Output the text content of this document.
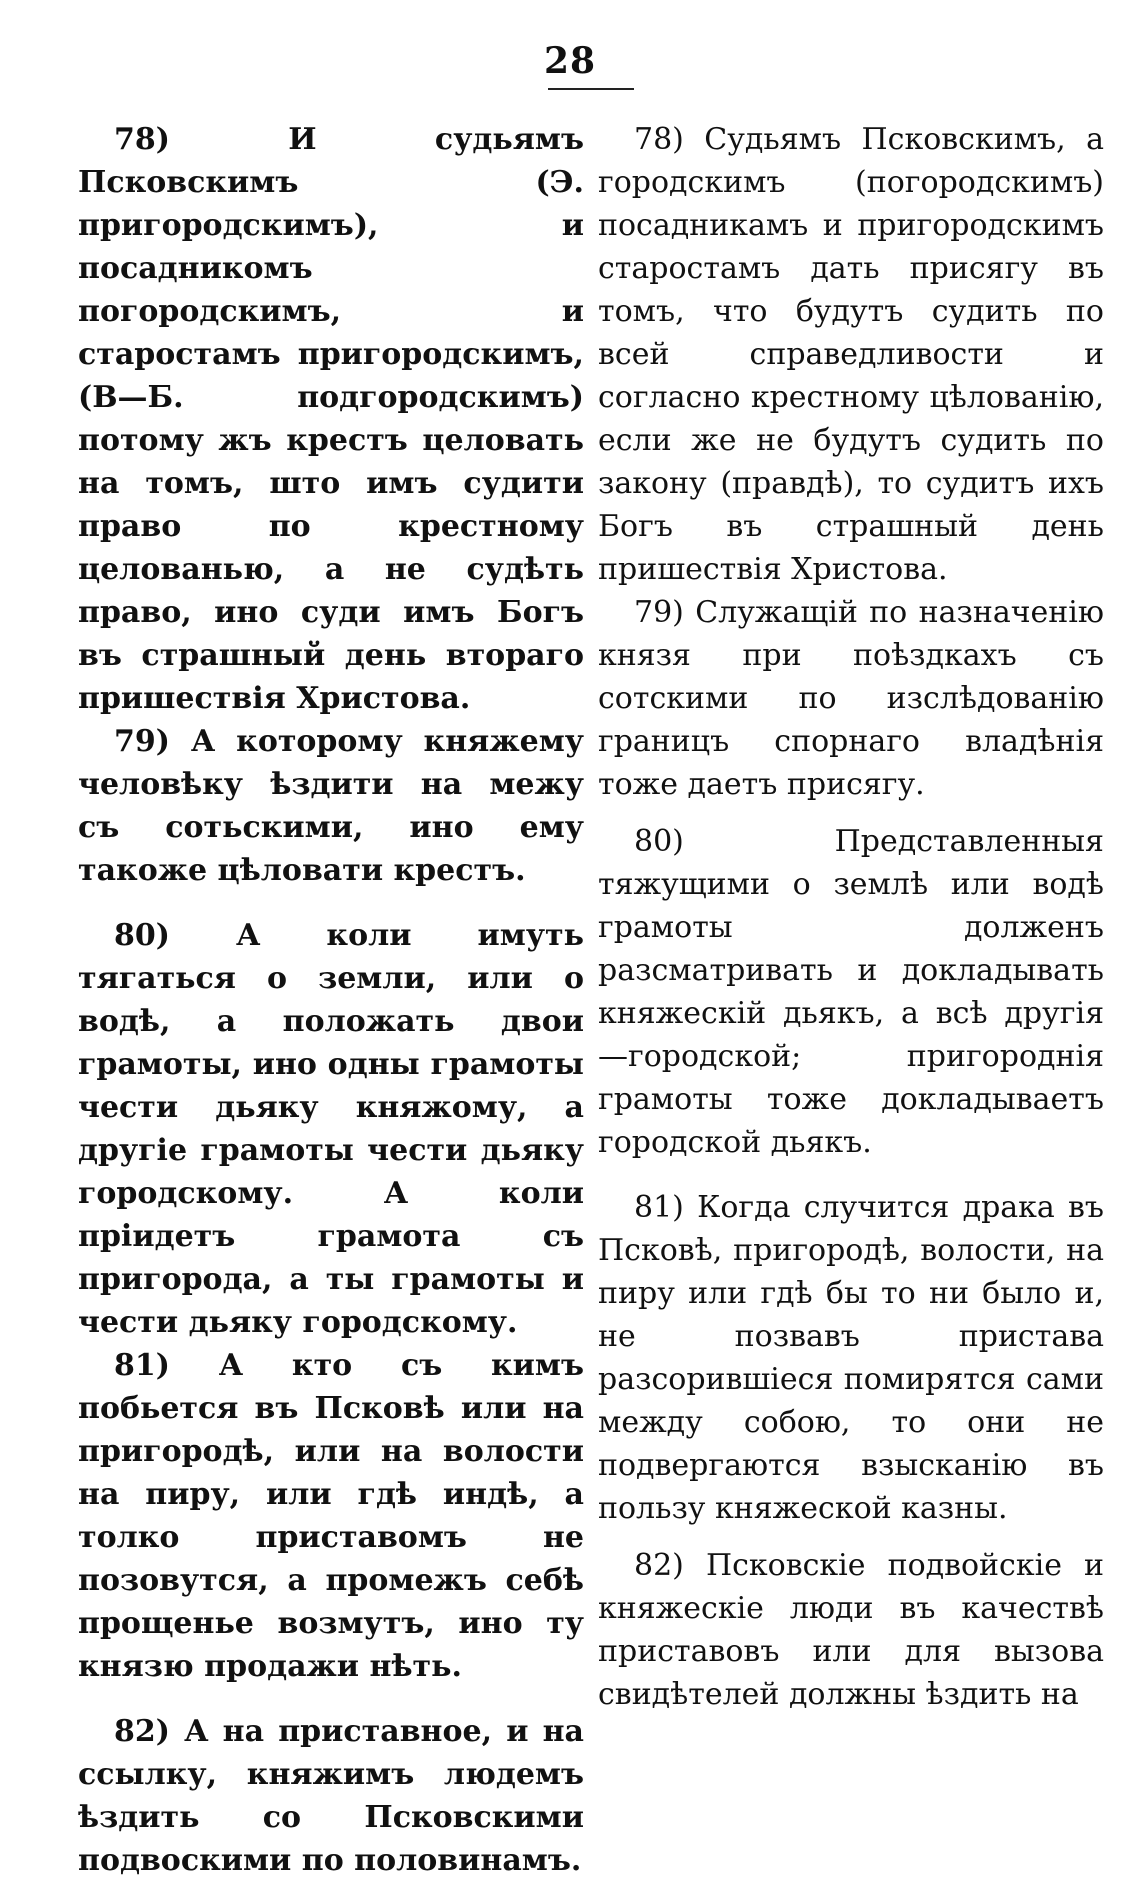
28

78) И судьямъ Псковскимъ (Э. пригородскимъ), и посадникомъ погородскимъ, и старостамъ пригородскимъ, (В—Б. подгородскимъ) потому жъ крестъ целовать на томъ, што имъ судити право по крестному целованью, а не судѣть право, ино суди имъ Богъ въ страшный день втораго пришествія Христова.

79) А которому княжему человѣку ѣздити на межу съ сотьскими, ино ему такоже цѣловати крестъ.

80) А коли имуть тягаться о земли, или о водѣ, а положать двои грамоты, ино одны грамоты чести дьяку княжому, а другіе грамоты чести дьяку городскому. А коли прiидетъ грамота съ пригорода, а ты грамоты и чести дьяку городскому.

81) А кто съ кимъ побьется въ Псковѣ или на пригородѣ, или на волости на пиру, или гдѣ индѣ, а толко приставомъ не позовутся, а промежъ себѣ прощенье возмутъ, ино ту князю продажи нѣть.

82) А на приставное, и на ссылку, княжимъ людемъ ѣздить со Псковскими подвоскими по половинамъ.

78) Судьямъ Псковскимъ, а городскимъ (погородскимъ) посадникамъ и пригородскимъ старостамъ дать присягу въ томъ, что будутъ судить по всей справедливости и согласно крестному цѣлованiю, если же не будутъ судить по закону (правдѣ), то судитъ ихъ Богъ въ страшный день пришествія Христова.

79) Служащій по назначенію князя при поѣздкахъ съ сотскими по изслѣдованію границъ спорнаго владѣнія тоже даетъ присягу.

80) Представленныя тяжущими о землѣ или водѣ грамоты долженъ разсматривать и докладывать княжескій дьякъ, а всѣ другія—городской; пригороднія грамоты тоже докладываетъ городской дьякъ.

81) Когда случится драка въ Псковѣ, пригородѣ, волости, на пиру или гдѣ бы то ни было и, не позвавъ пристава разсорившіеся помирятся сами между собою, то они не подвергаются взысканію въ пользу княжеской казны.

82) Псковскіе подвойскіе и княжескіе люди въ качествѣ приставовъ или для вызова свидѣтелей должны ѣздить на
